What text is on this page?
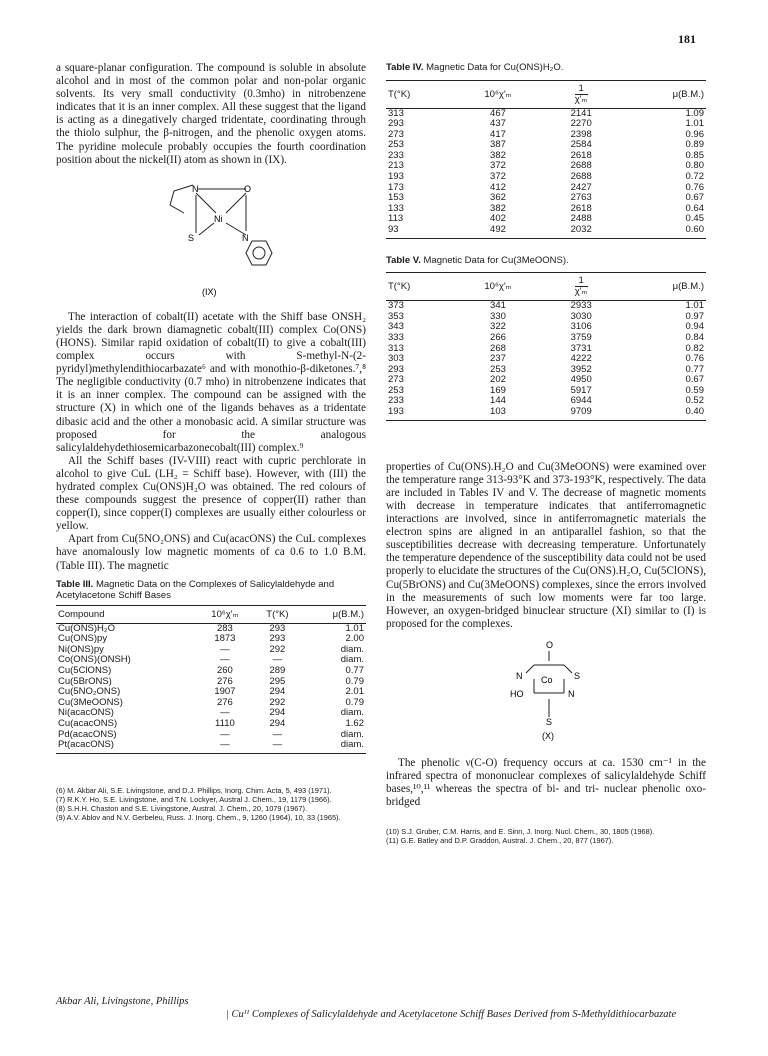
181

a square-planar configuration. The compound is soluble in absolute alcohol and in most of the common polar and non-polar organic solvents. Its very small conductivity (0.3mho) in nitrobenzene indicates that it is an inner complex. All these suggest that the ligand is acting as a dinegatively charged tridentate, coordinating through the thiolo sulphur, the β-nitrogen, and the phenolic oxygen atoms. The pyridine molecule probably occupies the fourth coordination position about the nickel(II) atom as shown in (IX).

N	O
Ni
S	N
(IX)

The interaction of cobalt(II) acetate with the Shiff base ONSH₂ yields the dark brown diamagnetic cobalt(III) complex Co(ONS)(HONS). Similar rapid oxidation of cobalt(II) to give a cobalt(III) complex occurs with S-methyl-N-(2-pyridyl)methylendithiocarbazate⁶ and with monothio-β-diketones.⁷,⁸ The negligible conductivity (0.7 mho) in nitrobenzene indicates that it is an inner complex. The compound can be assigned with the structure (X) in which one of the ligands behaves as a tridentate dibasic acid and the other a monobasic acid. A similar structure was proposed for the analogous salicylaldehydethiosemicarbazonecobalt(III) complex.⁹

All the Schiff bases (IV-VIII) react with cupric perchlorate in alcohol to give CuL (LH₂ = Schiff base). However, with (III) the hydrated complex Cu(ONS)H₂O was obtained. The red colours of these compounds suggest the presence of copper(II) rather than copper(I), since copper(I) complexes are usually either colourless or yellow.

Apart from Cu(5NO₂ONS) and Cu(acacONS) the CuL complexes have anomalously low magnetic moments of ca 0.6 to 1.0 B.M. (Table III). The magnetic

Table III. Magnetic Data on the Complexes of Salicylaldehyde and Acetylacetone Schiff Bases
Compound	10⁶χ'ₘ	T(°K)	μ(B.M.)
Cu(ONS)H₂O	283	293	1.01
Cu(ONS)py	1873	293	2.00
Ni(ONS)py	—	292	diam.
Co(ONS)(ONSH)	—	—	diam.
Cu(5ClONS)	260	289	0.77
Cu(5BrONS)	276	295	0.79
Cu(5NO₂ONS)	1907	294	2.01
Cu(3MeOONS)	276	292	0.79
Ni(acacONS)	—	294	diam.
Cu(acacONS)	1110	294	1.62
Pd(acacONS)	—	—	diam.
Pt(acacONS)	—	—	diam.
(6) M. Akbar Ali, S.E. Livingstone, and D.J. Phillips, Inorg. Chim. Acta, 5, 493 (1971).
(7) R.K.Y. Ho, S.E. Livingstone, and T.N. Lockyer, Austral J. Chem., 19, 1179 (1966).
(8) S.H.H. Chaston and S.E. Livingstone, Austral. J. Chem., 20, 1079 (1967).
(9) A.V. Ablov and N.V. Gerbeleu, Russ. J. Inorg. Chem., 9, 1260 (1964), 10, 33 (1965).
Table IV. Magnetic Data for Cu(ONS)H₂O.
T(°K)	10⁶χ'ₘ	$\frac{1}{\text{χ'ₘ}}$	μ(B.M.)
313	467	2141	1.09
293	437	2270	1.01
273	417	2398	0.96
253	387	2584	0.89
233	382	2618	0.85
213	372	2688	0.80
193	372	2688	0.72
173	412	2427	0.76
153	362	2763	0.67
133	382	2618	0.64
113	402	2488	0.45
93	492	2032	0.60
Table V. Magnetic Data for Cu(3MeOONS).
T(°K)	10⁶χ'ₘ	$\frac{1}{\text{χ'ₘ}}$	μ(B.M.)
373	341	2933	1.01
353	330	3030	0.97
343	322	3106	0.94
333	266	3759	0.84
313	268	3731	0.82
303	237	4222	0.76
293	253	3952	0.77
273	202	4950	0.67
253	169	5917	0.59
233	144	6944	0.52
193	103	9709	0.40

properties of Cu(ONS).H₂O and Cu(3MeOONS) were examined over the temperature range 313-93°K and 373-193°K, respectively. The data are included in Tables IV and V. The decrease of magnetic moments with decrease in temperature indicates that antiferromagnetic interactions are involved, since in antiferromagnetic materials the electron spins are aligned in an antiparallel fashion, so that the susceptibilities decrease with decreasing temperature. Unfortunately the temperature dependence of the susceptibility data could not be used properly to elucidate the structures of the Cu(ONS).H₂O, Cu(5ClONS), Cu(5BrONS) and Cu(3MeOONS) complexes, since the errors involved in the measurements of such low moments were far too large. However, an oxygen-bridged binuclear structure (XI) similar to (I) is proposed for the complexes.

O
N Co S
HO	N
S
(X)

The phenolic ν(C-O) frequency occurs at ca. 1530 cm⁻¹ in the infrared spectra of mononuclear complexes of salicylaldehyde Schiff bases,¹⁰,¹¹ whereas the spectra of bi- and tri- nuclear phenolic oxo-bridged

(10) S.J. Gruber, C.M. Harris, and E. Sinn, J. Inorg. Nucl. Chem., 30, 1805 (1968).
(11) G.E. Batley and D.P. Graddon, Austral. J. Chem., 20, 877 (1967).
Akbar Ali, Livingstone, Phillips
| Cuᴵᴵ Complexes of Salicylaldehyde and Acetylacetone Schiff Bases Derived from S-Methyldithiocarbazate
